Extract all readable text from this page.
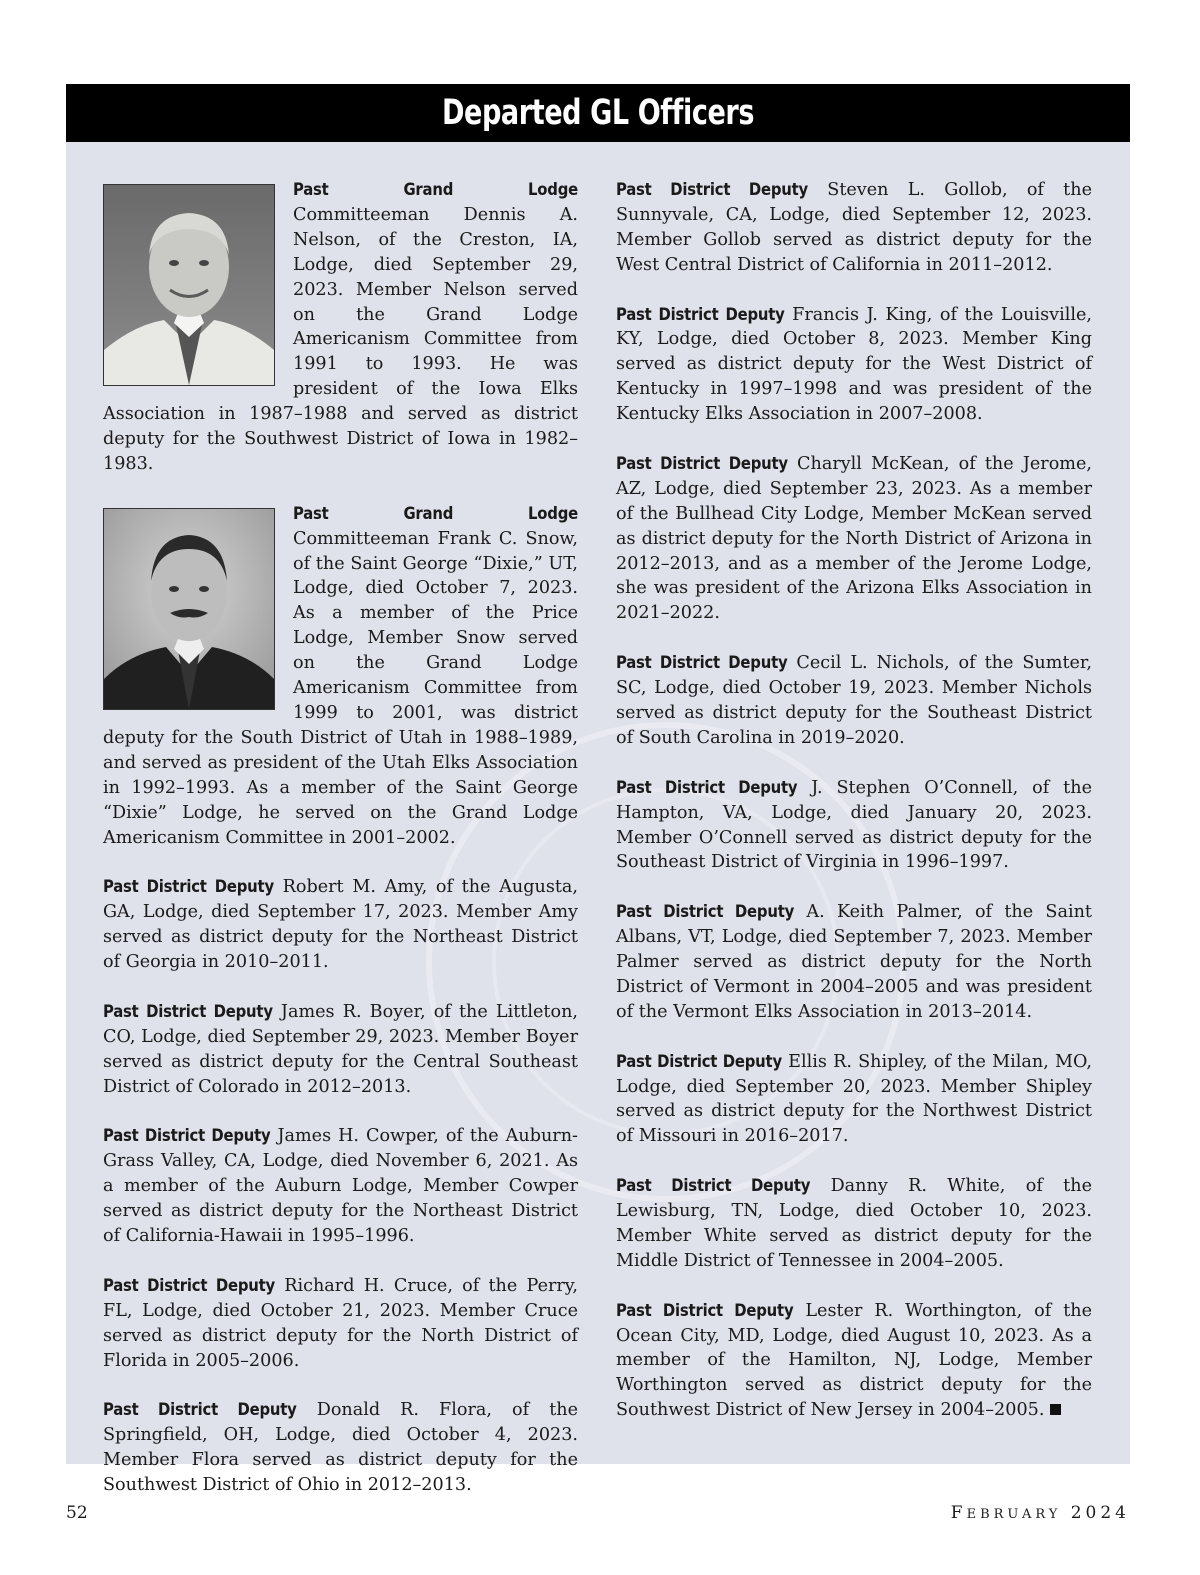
Departed GL Officers

Past Grand Lodge Committeeman Dennis A. Nelson, of the Creston, IA, Lodge, died September 29, 2023. Member Nelson served on the Grand Lodge Americanism Committee from 1991 to 1993. He was president of the Iowa Elks Association in 1987–1988 and served as district deputy for the Southwest District of Iowa in 1982–1983.

Past Grand Lodge Committeeman Frank C. Snow, of the Saint George “Dixie,” UT, Lodge, died October 7, 2023. As a member of the Price Lodge, Member Snow served on the Grand Lodge Americanism Committee from 1999 to 2001, was district deputy for the South District of Utah in 1988–1989, and served as president of the Utah Elks Association in 1992–1993. As a member of the Saint George “Dixie” Lodge, he served on the Grand Lodge Americanism Committee in 2001–2002.

Past District Deputy Robert M. Amy, of the Augusta, GA, Lodge, died September 17, 2023. Member Amy served as district deputy for the Northeast District of Georgia in 2010–2011.

Past District Deputy James R. Boyer, of the Littleton, CO, Lodge, died September 29, 2023. Member Boyer served as district deputy for the Central Southeast District of Colorado in 2012–2013.

Past District Deputy James H. Cowper, of the Auburn-Grass Valley, CA, Lodge, died November 6, 2021. As a member of the Auburn Lodge, Member Cowper served as district deputy for the Northeast District of California-Hawaii in 1995–1996.

Past District Deputy Richard H. Cruce, of the Perry, FL, Lodge, died October 21, 2023. Member Cruce served as district deputy for the North District of Florida in 2005–2006.

Past District Deputy Donald R. Flora, of the Springfield, OH, Lodge, died October 4, 2023. Member Flora served as district deputy for the Southwest District of Ohio in 2012–2013.

Past District Deputy Steven L. Gollob, of the Sunnyvale, CA, Lodge, died September 12, 2023. Member Gollob served as district deputy for the West Central District of California in 2011–2012.

Past District Deputy Francis J. King, of the Louisville, KY, Lodge, died October 8, 2023. Member King served as district deputy for the West District of Kentucky in 1997–1998 and was president of the Kentucky Elks Association in 2007–2008.

Past District Deputy Charyll McKean, of the Jerome, AZ, Lodge, died September 23, 2023. As a member of the Bullhead City Lodge, Member McKean served as district deputy for the North District of Arizona in 2012–2013, and as a member of the Jerome Lodge, she was president of the Arizona Elks Association in 2021–2022.

Past District Deputy Cecil L. Nichols, of the Sumter, SC, Lodge, died October 19, 2023. Member Nichols served as district deputy for the Southeast District of South Carolina in 2019–2020.

Past District Deputy J. Stephen O’Connell, of the Hampton, VA, Lodge, died January 20, 2023. Member O’Connell served as district deputy for the Southeast District of Virginia in 1996–1997.

Past District Deputy A. Keith Palmer, of the Saint Albans, VT, Lodge, died September 7, 2023. Member Palmer served as district deputy for the North District of Vermont in 2004–2005 and was president of the Vermont Elks Association in 2013–2014.

Past District Deputy Ellis R. Shipley, of the Milan, MO, Lodge, died September 20, 2023. Member Shipley served as district deputy for the Northwest District of Missouri in 2016–2017.

Past District Deputy Danny R. White, of the Lewisburg, TN, Lodge, died October 10, 2023. Member White served as district deputy for the Middle District of Tennessee in 2004–2005.

Past District Deputy Lester R. Worthington, of the Ocean City, MD, Lodge, died August 10, 2023. As a member of the Hamilton, NJ, Lodge, Member Worthington served as district deputy for the Southwest District of New Jersey in 2004–2005.

52	FEBRUARY 2024
